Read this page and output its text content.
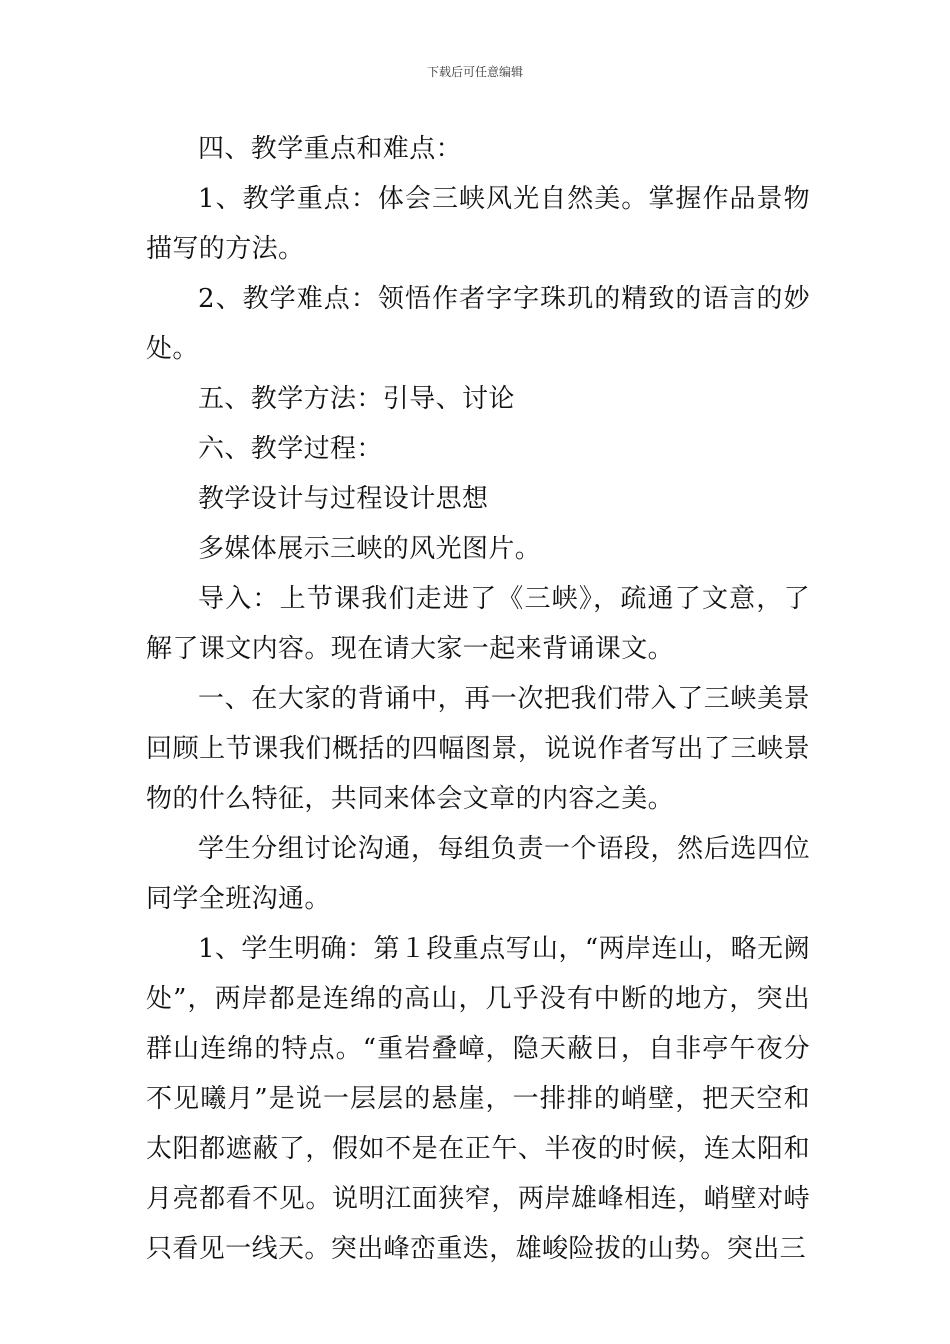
下载后可任意编辑

四、教学重点和难点：

1、教学重点：体会三峡风光自然美。掌握作品景物描写的方法。

2、教学难点：领悟作者字字珠玑的精致的语言的妙处。

五、教学方法：引导、讨论

六、教学过程：

教学设计与过程设计思想

多媒体展示三峡的风光图片。

导入：上节课我们走进了《三峡》，疏通了文意，了解了课文内容。现在请大家一起来背诵课文。

一、在大家的背诵中，再一次把我们带入了三峡美景回顾上节课我们概括的四幅图景，说说作者写出了三峡景物的什么特征，共同来体会文章的内容之美。

学生分组讨论沟通，每组负责一个语段，然后选四位同学全班沟通。

1、学生明确：第１段重点写山，“两岸连山，略无阙处”，两岸都是连绵的高山，几乎没有中断的地方，突出群山连绵的特点。“重岩叠嶂，隐天蔽日，自非亭午夜分不见曦月”是说一层层的悬崖，一排排的峭壁，把天空和太阳都遮蔽了，假如不是在正午、半夜的时候，连太阳和月亮都看不见。说明江面狭窄，两岸雄峰相连，峭壁对峙只看见一线天。突出峰峦重迭，雄峻险拔的山势。突出三
